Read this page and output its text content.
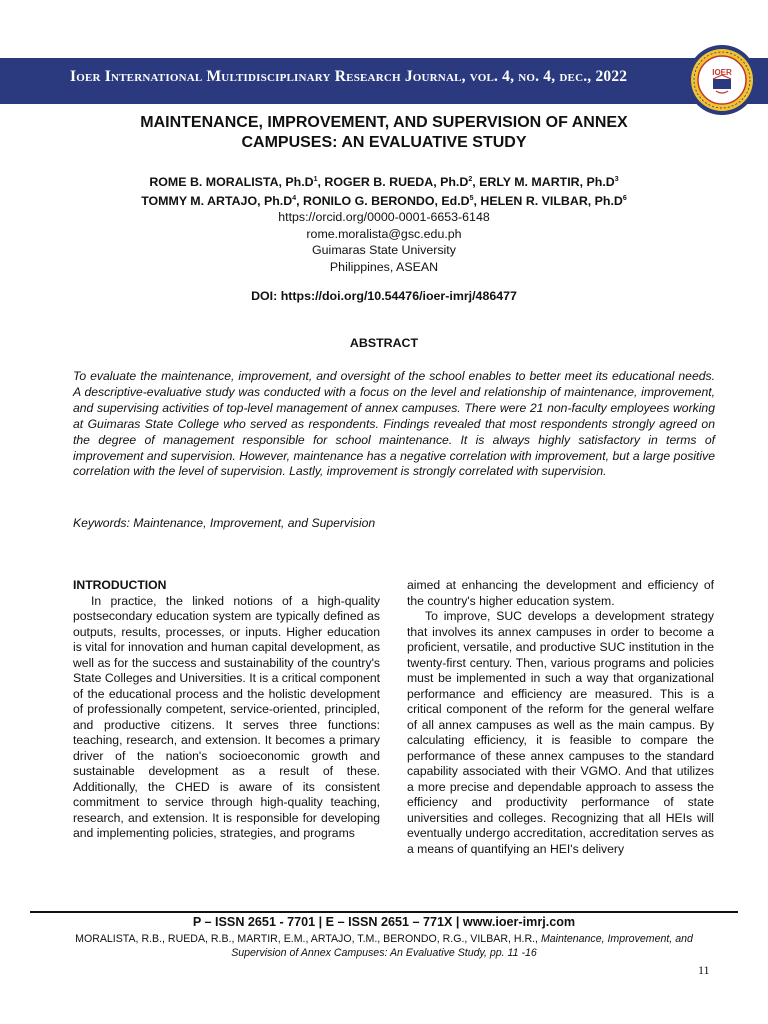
Ioer International Multidisciplinary Research Journal, vol. 4, no. 4, dec., 2022	IOER
MAINTENANCE, IMPROVEMENT, AND SUPERVISION OF ANNEX
CAMPUSES: AN EVALUATIVE STUDY
ROME B. MORALISTA, $Ph.D^1$, ROGER B. RUEDA, $Ph.D^2$, ERLY M. MARTIR, $Ph.D^3$
TOMMY M. ARTAJO, $Ph.D^4$, RONILO G. BERONDO, $Ed.D^5$, HELEN R. VILBAR, $Ph.D^6$
https://orcid.org/0000-0001-6653-6148
rome.moralista@gsc.edu.ph
Guimaras State University
Philippines, ASEAN
DOI: https://doi.org/10.54476/ioer-imrj/486477
ABSTRACT

To evaluate the maintenance, improvement, and oversight of the school enables to better meet its educational needs. A descriptive-evaluative study was conducted with a focus on the level and relationship of maintenance, improvement, and supervising activities of top-level management of annex campuses. There were 21 non-faculty employees working at Guimaras State College who served as respondents. Findings revealed that most respondents strongly agreed on the degree of management responsible for school maintenance. It is always highly satisfactory in terms of improvement and supervision. However, maintenance has a negative correlation with improvement, but a large positive correlation with the level of supervision. Lastly, improvement is strongly correlated with supervision.

Keywords: Maintenance, Improvement, and Supervision

INTRODUCTION

In practice, the linked notions of a high-quality postsecondary education system are typically defined as outputs, results, processes, or inputs. Higher education is vital for innovation and human capital development, as well as for the success and sustainability of the country's State Colleges and Universities. It is a critical component of the educational process and the holistic development of professionally competent, service-oriented, principled, and productive citizens. It serves three functions: teaching, research, and extension. It becomes a primary driver of the nation's socioeconomic growth and sustainable development as a result of these. Additionally, the CHED is aware of its consistent commitment to service through high-quality teaching, research, and extension. It is responsible for developing and implementing policies, strategies, and programs

aimed at enhancing the development and efficiency of the country's higher education system.

To improve, SUC develops a development strategy that involves its annex campuses in order to become a proficient, versatile, and productive SUC institution in the twenty-first century. Then, various programs and policies must be implemented in such a way that organizational performance and efficiency are measured. This is a critical component of the reform for the general welfare of all annex campuses as well as the main campus. By calculating efficiency, it is feasible to compare the performance of these annex campuses to the standard capability associated with their VGMO. And that utilizes a more precise and dependable approach to assess the efficiency and productivity performance of state universities and colleges. Recognizing that all HEIs will eventually undergo accreditation, accreditation serves as a means of quantifying an HEI's delivery

P – ISSN 2651 - 7701 | E – ISSN 2651 – 771X | www.ioer-imrj.com
MORALISTA, R.B., RUEDA, R.B., MARTIR, E.M., ARTAJO, T.M., BERONDO, R.G., VILBAR, H.R., Maintenance, Improvement, and Supervision of Annex Campuses: An Evaluative Study, pp. 11 -16
11
